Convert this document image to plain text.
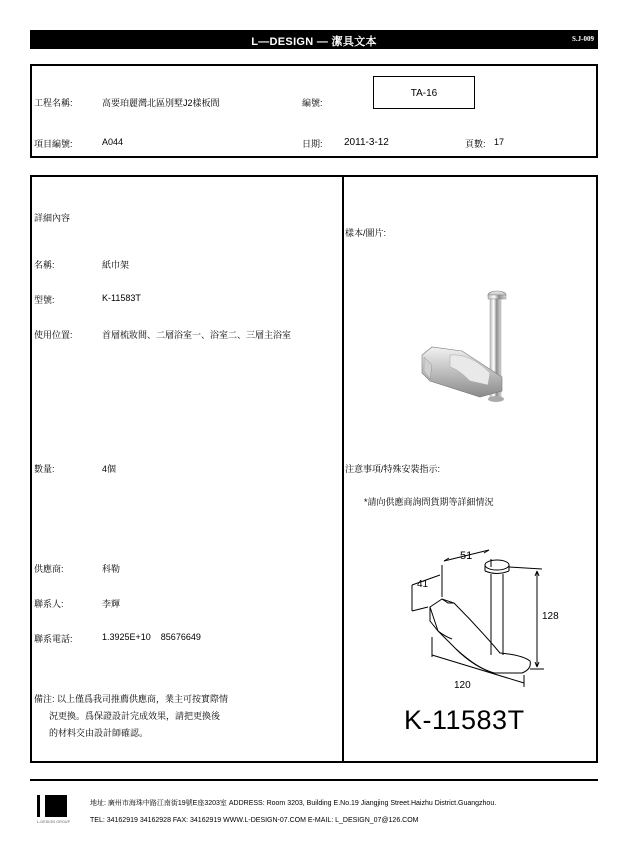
L—DESIGN — 潔具文本	S.J-009
工程名稱:	高要珀麗灣北區別墅J2樣板間	編號:
TA-16
項目編號:	A044	日期: 2011-3-12	頁數: 17
詳細內容
名稱:	紙巾架
型號:	K-11583T
使用位置:	首層梳妝間、二層浴室一、浴室二、三層主浴室
數量:	4個
供應商:	科勒
聯系人:	李輝
聯系電話:	1.3925E+10    85676649
備注: 以上僅爲我司推薦供應商，業主可按實際情
況更換。爲保證設計完成效果，請把更換後
的材料交由設計師確認。
樣本/圖片:
注意事項/特殊安裝指示:
*請向供應商詢問貨期等詳細情況
51
41
128
120
K-11583T
L-DESIGN GROUP
地址: 廣州市海珠中路江南街19號E座3203室 ADDRESS: Room 3203, Building E.No.19 Jiangjing Street.Haizhu District.Guangzhou.
TEL: 34162919 34162928 FAX: 34162919 WWW.L-DESIGN-07.COM E-MAIL: L_DESIGN_07@126.COM
